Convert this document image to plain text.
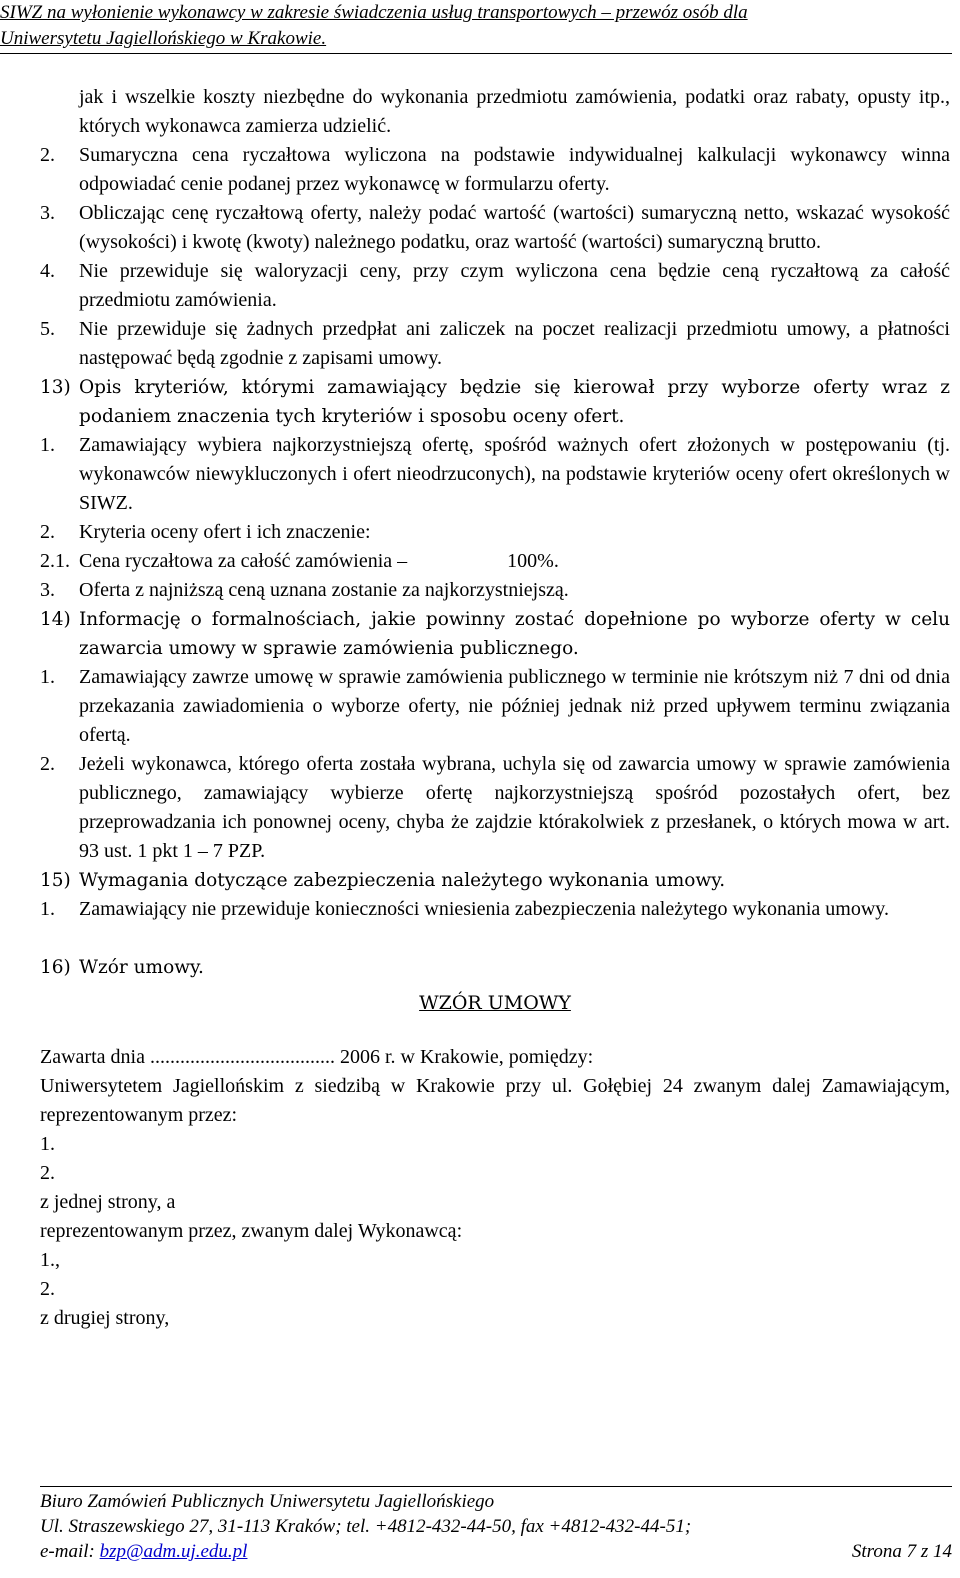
SIWZ na wyłonienie wykonawcy w zakresie świadczenia usług transportowych – przewóz osób dla
Uniwersytetu Jagiellońskiego w Krakowie.

jak i wszelkie koszty niezbędne do wykonania przedmiotu zamówienia, podatki oraz rabaty, opusty itp., których wykonawca zamierza udzielić.

2.	Sumaryczna cena ryczałtowa wyliczona na podstawie indywidualnej kalkulacji wykonawcy winna odpowiadać cenie podanej przez wykonawcę w formularzu oferty.
3.	Obliczając cenę ryczałtową oferty, należy podać wartość (wartości) sumaryczną netto, wskazać wysokość (wysokości) i kwotę (kwoty) należnego podatku, oraz wartość (wartości) sumaryczną brutto.
4.	Nie przewiduje się waloryzacji ceny, przy czym wyliczona cena będzie ceną ryczałtową za całość przedmiotu zamówienia.
5.	Nie przewiduje się żadnych przedpłat ani zaliczek na poczet realizacji przedmiotu umowy, a płatności następować będą zgodnie z zapisami umowy.
13) Opis kryteriów, którymi zamawiający będzie się kierował przy wyborze oferty wraz z podaniem znaczenia tych kryteriów i sposobu oceny ofert.
1.	Zamawiający wybiera najkorzystniejszą ofertę, spośród ważnych ofert złożonych w postępowaniu (tj. wykonawców niewykluczonych i ofert nieodrzuconych), na podstawie kryteriów oceny ofert określonych w SIWZ.
2.	Kryteria oceny ofert i ich znaczenie:
2.1. Cena ryczałtowa za całość zamówienia –	100%.
3.	Oferta z najniższą ceną uznana zostanie za najkorzystniejszą.
14) Informację o formalnościach, jakie powinny zostać dopełnione po wyborze oferty w celu zawarcia umowy w sprawie zamówienia publicznego.
1.	Zamawiający zawrze umowę w sprawie zamówienia publicznego w terminie nie krótszym niż 7 dni od dnia przekazania zawiadomienia o wyborze oferty, nie później jednak niż przed upływem terminu związania ofertą.
2.	Jeżeli wykonawca, którego oferta została wybrana, uchyla się od zawarcia umowy w sprawie zamówienia publicznego, zamawiający wybierze ofertę najkorzystniejszą spośród pozostałych ofert, bez przeprowadzania ich ponownej oceny, chyba że zajdzie którakolwiek z przesłanek, o których mowa w art. 93 ust. 1 pkt 1 – 7 PZP.
15) Wymagania dotyczące zabezpieczenia należytego wykonania umowy.
1.	Zamawiający nie przewiduje konieczności wniesienia zabezpieczenia należytego wykonania umowy.
16) Wzór umowy.
WZÓR UMOWY

Zawarta dnia ..................................... 2006 r. w Krakowie, pomiędzy:

Uniwersytetem Jagiellońskim z siedzibą w Krakowie przy ul. Gołębiej 24 zwanym dalej Zamawiającym, reprezentowanym przez:

1.

2.

z jednej strony, a

reprezentowanym przez, zwanym dalej Wykonawcą:

1.,

2.

z drugiej strony,

Biuro Zamówień Publicznych Uniwersytetu Jagiellońskiego
Ul. Straszewskiego 27, 31-113 Kraków; tel. +4812-432-44-50, fax +4812-432-44-51;
e-mail: bzp@adm.uj.edu.pl	Strona 7 z 14
